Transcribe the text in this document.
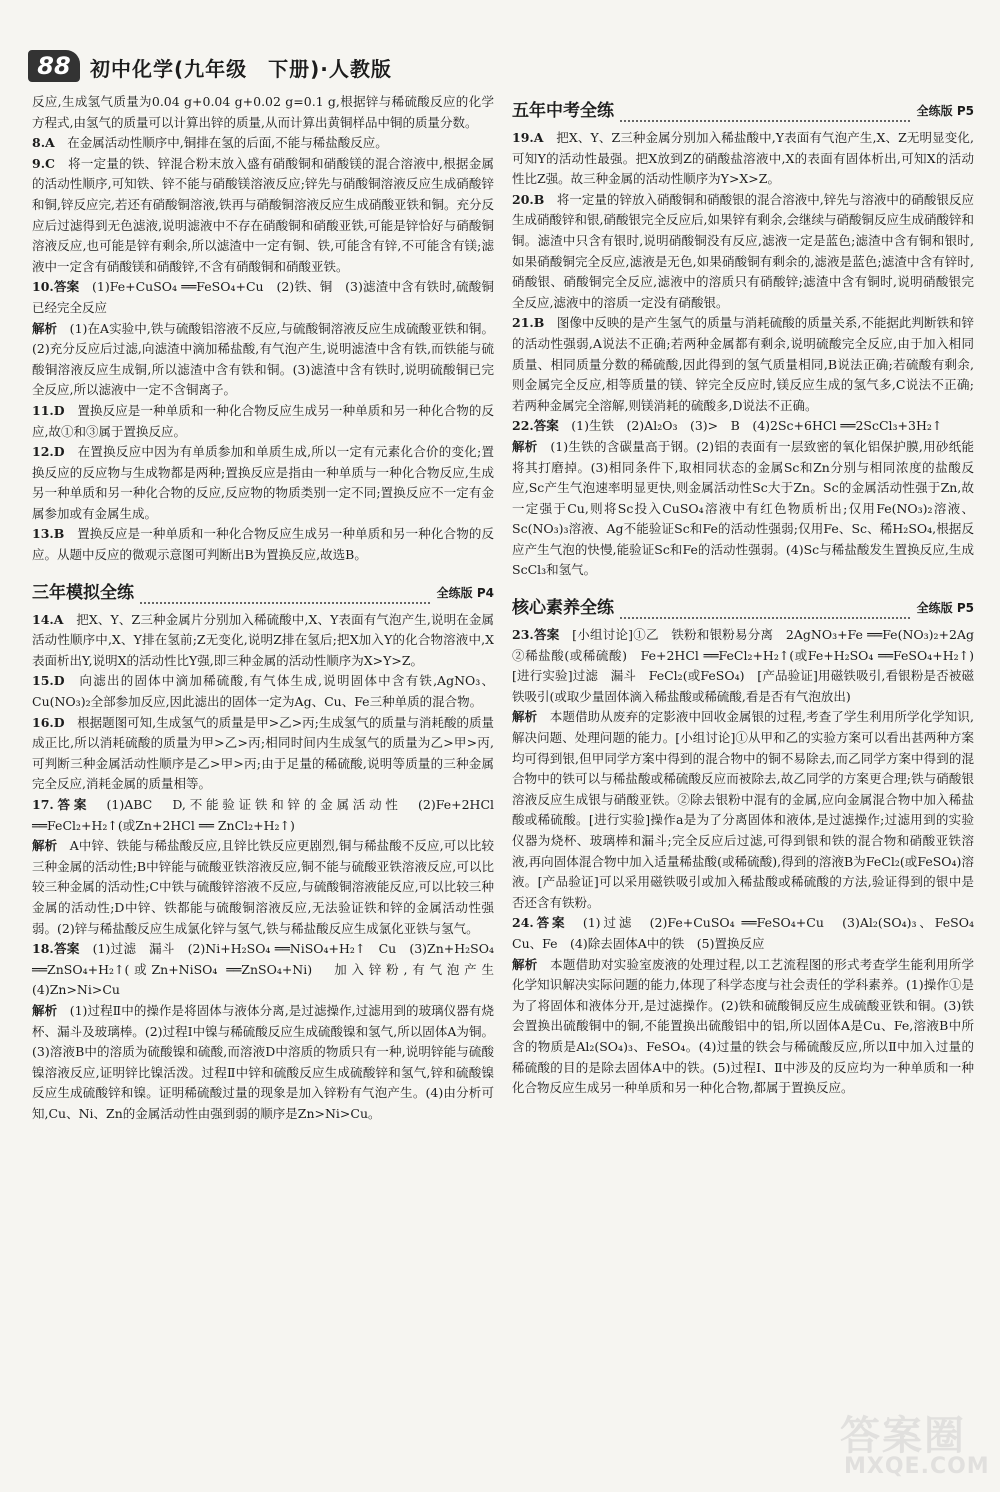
88 初中化学(九年级　下册)·人教版

反应,生成氢气质量为0.04 g+0.04 g+0.02 g=0.1 g,根据锌与稀硫酸反应的化学方程式,由氢气的质量可以计算出锌的质量,从而计算出黄铜样品中铜的质量分数。

8.A　在金属活动性顺序中,铜排在氢的后面,不能与稀盐酸反应。

9.C　将一定量的铁、锌混合粉末放入盛有硝酸铜和硝酸镁的混合溶液中,根据金属的活动性顺序,可知铁、锌不能与硝酸镁溶液反应;锌先与硝酸铜溶液反应生成硝酸锌和铜,锌反应完,若还有硝酸铜溶液,铁再与硝酸铜溶液反应生成硝酸亚铁和铜。充分反应后过滤得到无色滤液,说明滤液中不存在硝酸铜和硝酸亚铁,可能是锌恰好与硝酸铜溶液反应,也可能是锌有剩余,所以滤渣中一定有铜、铁,可能含有锌,不可能含有镁;滤液中一定含有硝酸镁和硝酸锌,不含有硝酸铜和硝酸亚铁。

10.答案　(1)Fe+CuSO₄ ══FeSO₄+Cu　(2)铁、铜　(3)滤渣中含有铁时,硫酸铜已经完全反应

解析　(1)在A实验中,铁与硫酸铝溶液不反应,与硫酸铜溶液反应生成硫酸亚铁和铜。(2)充分反应后过滤,向滤渣中滴加稀盐酸,有气泡产生,说明滤渣中含有铁,而铁能与硫酸铜溶液反应生成铜,所以滤渣中含有铁和铜。(3)滤渣中含有铁时,说明硫酸铜已完全反应,所以滤液中一定不含铜离子。

11.D　置换反应是一种单质和一种化合物反应生成另一种单质和另一种化合物的反应,故①和③属于置换反应。

12.D　在置换反应中因为有单质参加和单质生成,所以一定有元素化合价的变化;置换反应的反应物与生成物都是两种;置换反应是指由一种单质与一种化合物反应,生成另一种单质和另一种化合物的反应,反应物的物质类别一定不同;置换反应不一定有金属参加或有金属生成。

13.B　置换反应是一种单质和一种化合物反应生成另一种单质和另一种化合物的反应。从题中反应的微观示意图可判断出B为置换反应,故选B。

三年模拟全练	全练版 P4

14.A　把X、Y、Z三种金属片分别加入稀硫酸中,X、Y表面有气泡产生,说明在金属活动性顺序中,X、Y排在氢前;Z无变化,说明Z排在氢后;把X加入Y的化合物溶液中,X表面析出Y,说明X的活动性比Y强,即三种金属的活动性顺序为X>Y>Z。

15.D　向滤出的固体中滴加稀硫酸,有气体生成,说明固体中含有铁,AgNO₃、Cu(NO₃)₂全部参加反应,因此滤出的固体一定为Ag、Cu、Fe三种单质的混合物。

16.D　根据题图可知,生成氢气的质量是甲>乙>丙;生成氢气的质量与消耗酸的质量成正比,所以消耗硫酸的质量为甲>乙>丙;相同时间内生成氢气的质量为乙>甲>丙,可判断三种金属活动性顺序是乙>甲>丙;由于足量的稀硫酸,说明等质量的三种金属完全反应,消耗金属的质量相等。

17.答案　(1)ABC　D,不能验证铁和锌的金属活动性　(2)Fe+2HCl ══FeCl₂+H₂↑(或Zn+2HCl ══ ZnCl₂+H₂↑)

解析　A中锌、铁能与稀盐酸反应,且锌比铁反应更剧烈,铜与稀盐酸不反应,可以比较三种金属的活动性;B中锌能与硫酸亚铁溶液反应,铜不能与硫酸亚铁溶液反应,可以比较三种金属的活动性;C中铁与硫酸锌溶液不反应,与硫酸铜溶液能反应,可以比较三种金属的活动性;D中锌、铁都能与硫酸铜溶液反应,无法验证铁和锌的金属活动性强弱。(2)锌与稀盐酸反应生成氯化锌与氢气,铁与稀盐酸反应生成氯化亚铁与氢气。

18.答案　(1)过滤　漏斗　(2)Ni+H₂SO₄ ══NiSO₄+H₂↑　Cu　(3)Zn+H₂SO₄ ══ZnSO₄+H₂↑(或Zn+NiSO₄ ══ZnSO₄+Ni)　加入锌粉,有气泡产生　(4)Zn>Ni>Cu

解析　(1)过程Ⅱ中的操作是将固体与液体分离,是过滤操作,过滤用到的玻璃仪器有烧杯、漏斗及玻璃棒。(2)过程Ⅰ中镍与稀硫酸反应生成硫酸镍和氢气,所以固体A为铜。(3)溶液B中的溶质为硫酸镍和硫酸,而溶液D中溶质的物质只有一种,说明锌能与硫酸镍溶液反应,证明锌比镍活泼。过程Ⅱ中锌和硫酸反应生成硫酸锌和氢气,锌和硫酸镍反应生成硫酸锌和镍。证明稀硫酸过量的现象是加入锌粉有气泡产生。(4)由分析可知,Cu、Ni、Zn的金属活动性由强到弱的顺序是Zn>Ni>Cu。

五年中考全练	全练版 P5

19.A　把X、Y、Z三种金属分别加入稀盐酸中,Y表面有气泡产生,X、Z无明显变化,可知Y的活动性最强。把X放到Z的硝酸盐溶液中,X的表面有固体析出,可知X的活动性比Z强。故三种金属的活动性顺序为Y>X>Z。

20.B　将一定量的锌放入硝酸铜和硝酸银的混合溶液中,锌先与溶液中的硝酸银反应生成硝酸锌和银,硝酸银完全反应后,如果锌有剩余,会继续与硝酸铜反应生成硝酸锌和铜。滤渣中只含有银时,说明硝酸铜没有反应,滤液一定是蓝色;滤渣中含有铜和银时,如果硝酸铜完全反应,滤液是无色,如果硝酸铜有剩余的,滤液是蓝色;滤渣中含有锌时,硝酸银、硝酸铜完全反应,滤液中的溶质只有硝酸锌;滤渣中含有铜时,说明硝酸银完全反应,滤液中的溶质一定没有硝酸银。

21.B　图像中反映的是产生氢气的质量与消耗硫酸的质量关系,不能据此判断铁和锌的活动性强弱,A说法不正确;若两种金属都有剩余,说明硫酸完全反应,由于加入相同质量、相同质量分数的稀硫酸,因此得到的氢气质量相同,B说法正确;若硫酸有剩余,则金属完全反应,相等质量的镁、锌完全反应时,镁反应生成的氢气多,C说法不正确;若两种金属完全溶解,则镁消耗的硫酸多,D说法不正确。

22.答案　(1)生铁　(2)Al₂O₃　(3)>　B　(4)2Sc+6HCl ══2ScCl₃+3H₂↑

解析　(1)生铁的含碳量高于钢。(2)铝的表面有一层致密的氧化铝保护膜,用砂纸能将其打磨掉。(3)相同条件下,取相同状态的金属Sc和Zn分别与相同浓度的盐酸反应,Sc产生气泡速率明显更快,则金属活动性Sc大于Zn。Sc的金属活动性强于Zn,故一定强于Cu,则将Sc投入CuSO₄溶液中有红色物质析出;仅用Fe(NO₃)₂溶液、Sc(NO₃)₃溶液、Ag不能验证Sc和Fe的活动性强弱;仅用Fe、Sc、稀H₂SO₄,根据反应产生气泡的快慢,能验证Sc和Fe的活动性强弱。(4)Sc与稀盐酸发生置换反应,生成ScCl₃和氢气。

核心素养全练	全练版 P5

23.答案　[小组讨论]①乙　铁粉和银粉易分离　2AgNO₃+Fe ══Fe(NO₃)₂+2Ag　②稀盐酸(或稀硫酸)　Fe+2HCl ══FeCl₂+H₂↑(或Fe+H₂SO₄ ══FeSO₄+H₂↑)　[进行实验]过滤　漏斗　FeCl₂(或FeSO₄)　[产品验证]用磁铁吸引,看银粉是否被磁铁吸引(或取少量固体滴入稀盐酸或稀硫酸,看是否有气泡放出)

解析　本题借助从废弃的定影液中回收金属银的过程,考查了学生利用所学化学知识,解决问题、处理问题的能力。[小组讨论]①从甲和乙的实验方案可以看出甚两种方案均可得到银,但甲同学方案中得到的混合物中的铜不易除去,而乙同学方案中得到的混合物中的铁可以与稀盐酸或稀硫酸反应而被除去,故乙同学的方案更合理;铁与硝酸银溶液反应生成银与硝酸亚铁。②除去银粉中混有的金属,应向金属混合物中加入稀盐酸或稀硫酸。[进行实验]操作a是为了分离固体和液体,是过滤操作;过滤用到的实验仪器为烧杯、玻璃棒和漏斗;完全反应后过滤,可得到银和铁的混合物和硝酸亚铁溶液,再向固体混合物中加入适量稀盐酸(或稀硫酸),得到的溶液B为FeCl₂(或FeSO₄)溶液。[产品验证]可以采用磁铁吸引或加入稀盐酸或稀硫酸的方法,验证得到的银中是否还含有铁粉。

24.答案　(1)过滤　(2)Fe+CuSO₄ ══FeSO₄+Cu　(3)Al₂(SO₄)₃、FeSO₄　Cu、Fe　(4)除去固体A中的铁　(5)置换反应

解析　本题借助对实验室废液的处理过程,以工艺流程图的形式考查学生能利用所学化学知识解决实际问题的能力,体现了科学态度与社会责任的学科素养。(1)操作①是为了将固体和液体分开,是过滤操作。(2)铁和硫酸铜反应生成硫酸亚铁和铜。(3)铁会置换出硫酸铜中的铜,不能置换出硫酸铝中的铝,所以固体A是Cu、Fe,溶液B中所含的物质是Al₂(SO₄)₃、FeSO₄。(4)过量的铁会与稀硫酸反应,所以Ⅱ中加入过量的稀硫酸的目的是除去固体A中的铁。(5)过程Ⅰ、Ⅱ中涉及的反应均为一种单质和一种化合物反应生成另一种单质和另一种化合物,都属于置换反应。

答案圈
MXQE.COM
